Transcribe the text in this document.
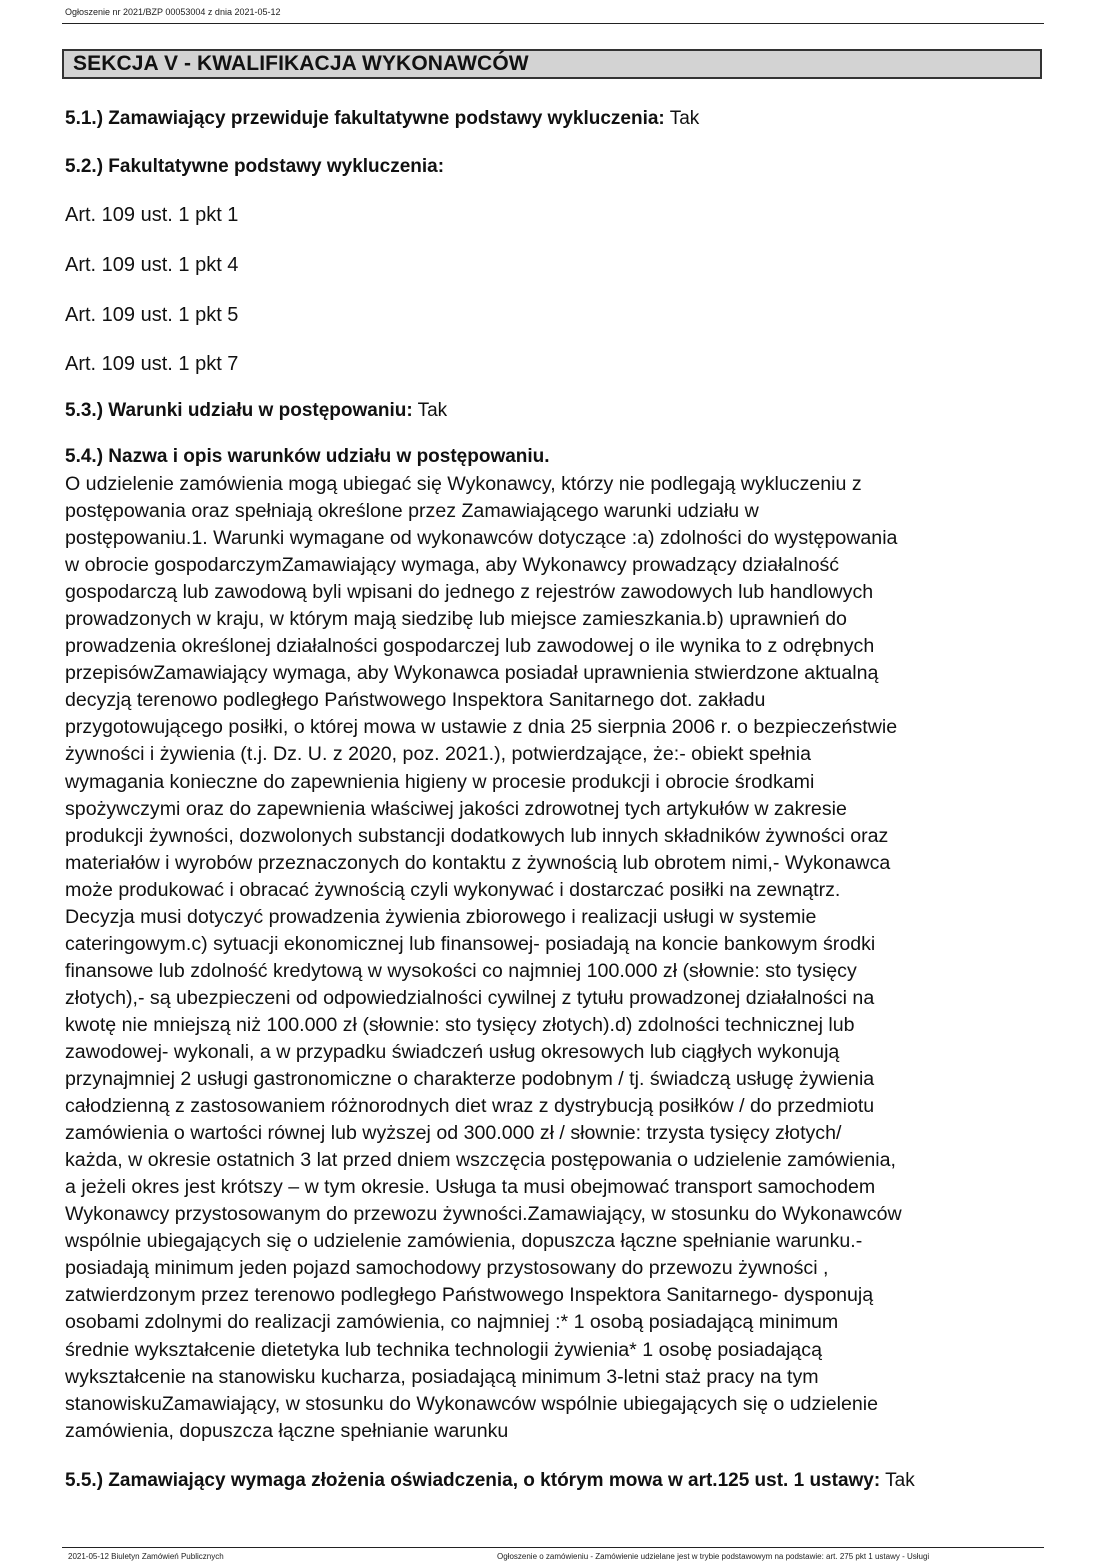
Ogłoszenie nr 2021/BZP 00053004 z dnia 2021-05-12
SEKCJA V - KWALIFIKACJA WYKONAWCÓW
5.1.) Zamawiający przewiduje fakultatywne podstawy wykluczenia: Tak
5.2.) Fakultatywne podstawy wykluczenia:
Art. 109 ust. 1 pkt 1
Art. 109 ust. 1 pkt 4
Art. 109 ust. 1 pkt 5
Art. 109 ust. 1 pkt 7
5.3.) Warunki udziału w postępowaniu: Tak
5.4.) Nazwa i opis warunków udziału w postępowaniu.
O udzielenie zamówienia mogą ubiegać się Wykonawcy, którzy nie podlegają wykluczeniu z
postępowania oraz spełniają określone przez Zamawiającego warunki udziału w
postępowaniu.1. Warunki wymagane od wykonawców dotyczące :a) zdolności do występowania
w obrocie gospodarczymZamawiający wymaga, aby Wykonawcy prowadzący działalność
gospodarczą lub zawodową byli wpisani do jednego z rejestrów zawodowych lub handlowych
prowadzonych w kraju, w którym mają siedzibę lub miejsce zamieszkania.b) uprawnień do
prowadzenia określonej działalności gospodarczej lub zawodowej o ile wynika to z odrębnych
przepisówZamawiający wymaga, aby Wykonawca posiadał uprawnienia stwierdzone aktualną
decyzją terenowo podległego Państwowego Inspektora Sanitarnego dot. zakładu
przygotowującego posiłki, o której mowa w ustawie z dnia 25 sierpnia 2006 r. o bezpieczeństwie
żywności i żywienia (t.j. Dz. U. z 2020, poz. 2021.), potwierdzające, że:- obiekt spełnia
wymagania konieczne do zapewnienia higieny w procesie produkcji i obrocie środkami
spożywczymi oraz do zapewnienia właściwej jakości zdrowotnej tych artykułów w zakresie
produkcji żywności, dozwolonych substancji dodatkowych lub innych składników żywności oraz
materiałów i wyrobów przeznaczonych do kontaktu z żywnością lub obrotem nimi,- Wykonawca
może produkować i obracać żywnością czyli wykonywać i dostarczać posiłki na zewnątrz.
Decyzja musi dotyczyć prowadzenia żywienia zbiorowego i realizacji usługi w systemie
cateringowym.c) sytuacji ekonomicznej lub finansowej- posiadają na koncie bankowym środki
finansowe lub zdolność kredytową w wysokości co najmniej 100.000 zł (słownie: sto tysięcy
złotych),- są ubezpieczeni od odpowiedzialności cywilnej z tytułu prowadzonej działalności na
kwotę nie mniejszą niż 100.000 zł (słownie: sto tysięcy złotych).d) zdolności technicznej lub
zawodowej- wykonali, a w przypadku świadczeń usług okresowych lub ciągłych wykonują
przynajmniej 2 usługi gastronomiczne o charakterze podobnym / tj. świadczą usługę żywienia
całodzienną z zastosowaniem różnorodnych diet wraz z dystrybucją posiłków / do przedmiotu
zamówienia o wartości równej lub wyższej od 300.000 zł / słownie: trzysta tysięcy złotych/
każda, w okresie ostatnich 3 lat przed dniem wszczęcia postępowania o udzielenie zamówienia,
a jeżeli okres jest krótszy – w tym okresie. Usługa ta musi obejmować transport samochodem
Wykonawcy przystosowanym do przewozu żywności.Zamawiający, w stosunku do Wykonawców
wspólnie ubiegających się o udzielenie zamówienia, dopuszcza łączne spełnianie warunku.-
posiadają minimum jeden pojazd samochodowy przystosowany do przewozu żywności ,
zatwierdzonym przez terenowo podległego Państwowego Inspektora Sanitarnego- dysponują
osobami zdolnymi do realizacji zamówienia, co najmniej :* 1 osobą posiadającą minimum
średnie wykształcenie dietetyka lub technika technologii żywienia* 1 osobę posiadającą
wykształcenie na stanowisku kucharza, posiadającą minimum 3-letni staż pracy na tym
stanowiskuZamawiający, w stosunku do Wykonawców wspólnie ubiegających się o udzielenie
zamówienia, dopuszcza łączne spełnianie warunku
5.5.) Zamawiający wymaga złożenia oświadczenia, o którym mowa w art.125 ust. 1 ustawy: Tak
2021-05-12 Biuletyn Zamówień Publicznych	Ogłoszenie o zamówieniu - Zamówienie udzielane jest w trybie podstawowym na podstawie: art. 275 pkt 1 ustawy - Usługi
